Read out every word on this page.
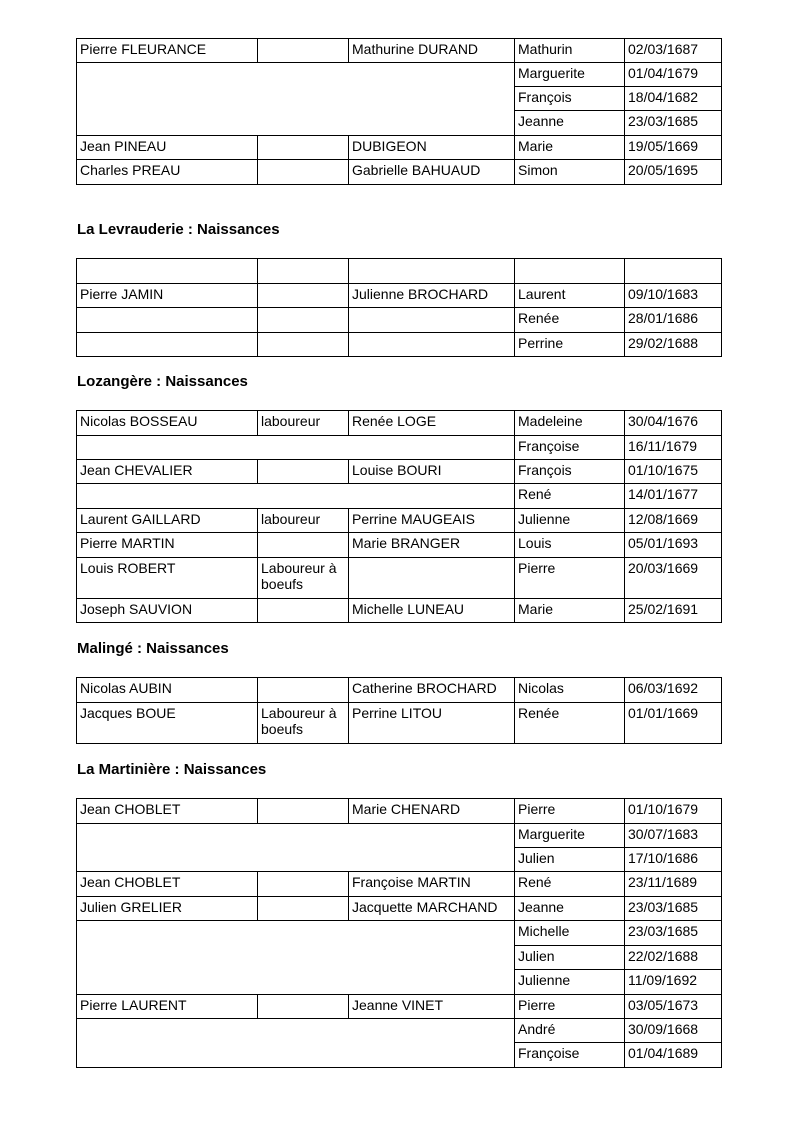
Pierre FLEURANCE		Mathurine DURAND	Mathurin	02/03/1687
			Marguerite	01/04/1679
			François	18/04/1682
			Jeanne	23/03/1685
Jean PINEAU		DUBIGEON	Marie	19/05/1669
Charles PREAU		Gabrielle BAHUAUD	Simon	20/05/1695
La Levrauderie : Naissances

Pierre JAMIN		Julienne BROCHARD	Laurent	09/10/1683
			Renée	28/01/1686
			Perrine	29/02/1688
Lozangère : Naissances
Nicolas BOSSEAU	laboureur	Renée LOGE	Madeleine	30/04/1676
			Françoise	16/11/1679
Jean CHEVALIER		Louise BOURI	François	01/10/1675
			René	14/01/1677
Laurent GAILLARD	laboureur	Perrine MAUGEAIS	Julienne	12/08/1669
Pierre MARTIN		Marie BRANGER	Louis	05/01/1693
Louis ROBERT	Laboureur à boeufs		Pierre	20/03/1669
Joseph SAUVION		Michelle LUNEAU	Marie	25/02/1691
Malingé : Naissances
Nicolas AUBIN		Catherine BROCHARD	Nicolas	06/03/1692
Jacques BOUE	Laboureur à boeufs	Perrine LITOU	Renée	01/01/1669
La Martinière : Naissances
Jean CHOBLET		Marie CHENARD	Pierre	01/10/1679
			Marguerite	30/07/1683
			Julien	17/10/1686
Jean CHOBLET		Françoise MARTIN	René	23/11/1689
Julien GRELIER		Jacquette MARCHAND	Jeanne	23/03/1685
			Michelle	23/03/1685
			Julien	22/02/1688
			Julienne	11/09/1692
Pierre LAURENT		Jeanne VINET	Pierre	03/05/1673
			André	30/09/1668
			Françoise	01/04/1689
